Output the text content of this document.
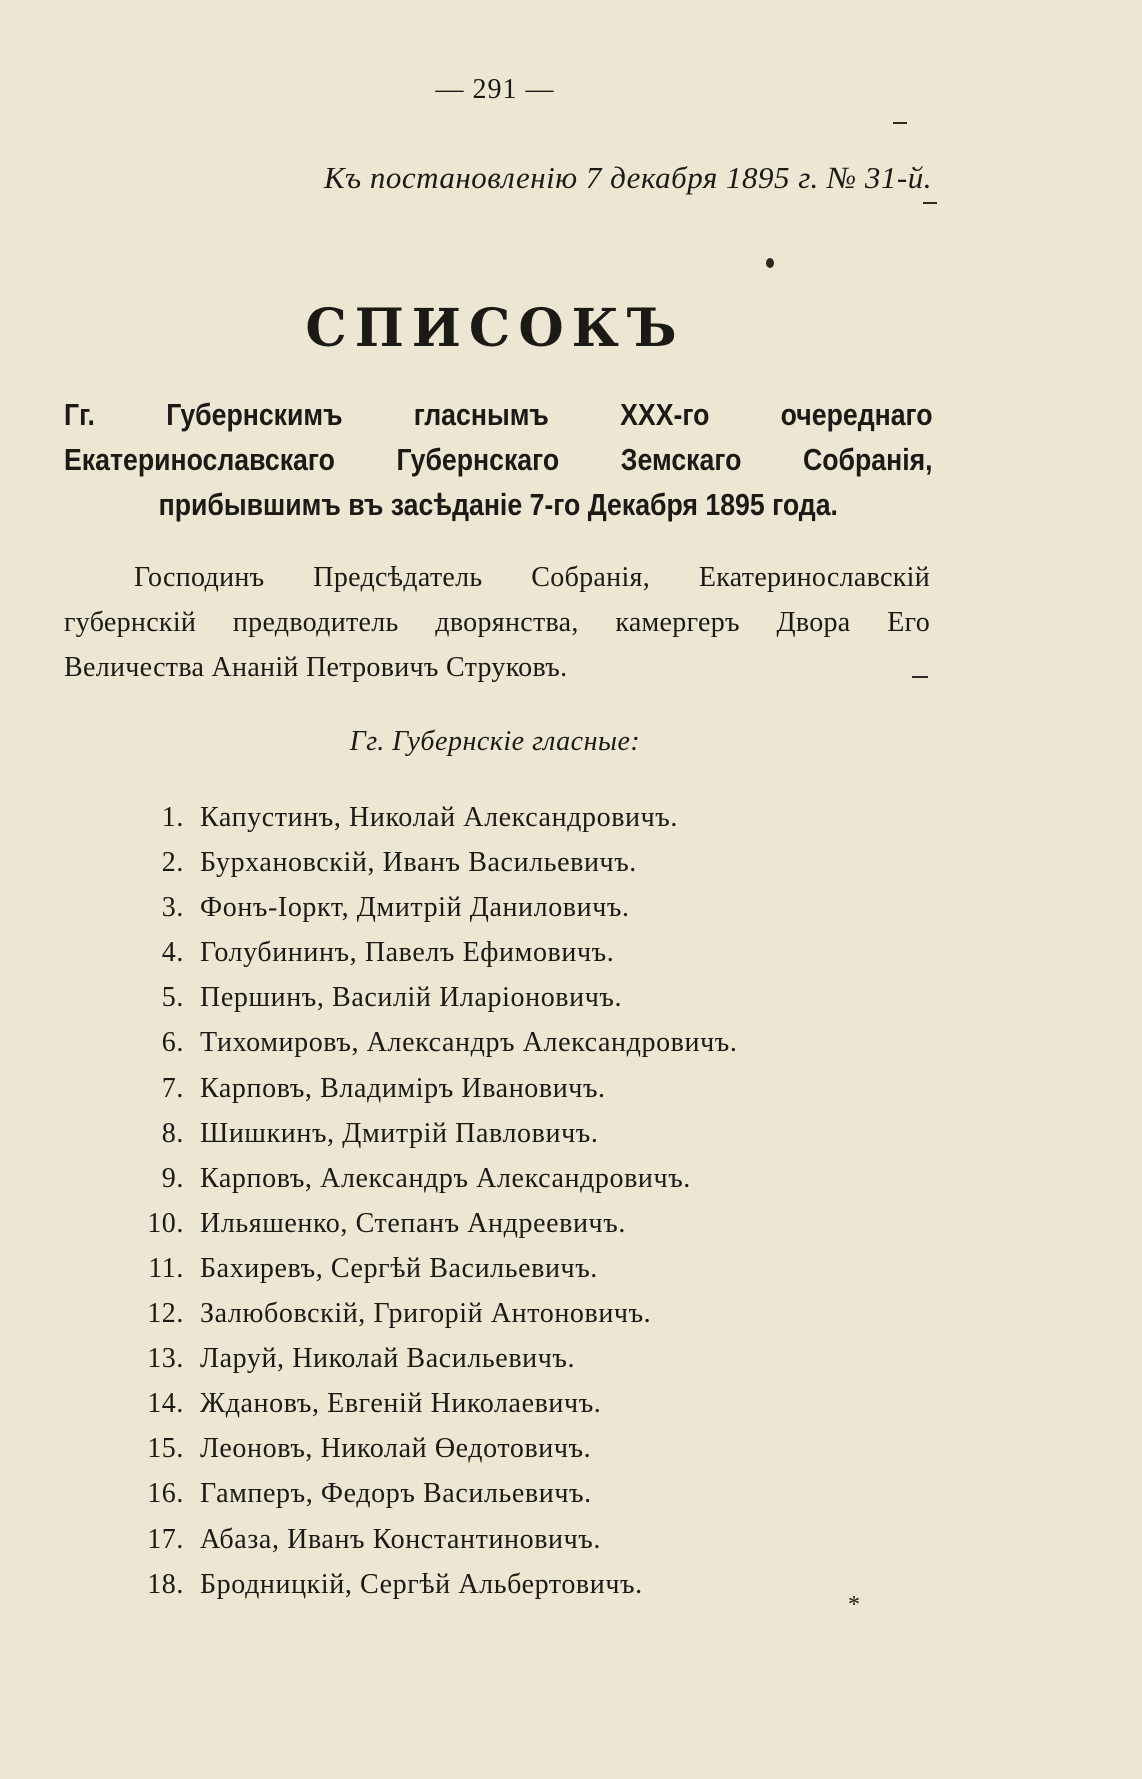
— 291 —
Къ постановленію 7 декабря 1895 г. № 31-й.
СПИСОКЪ
Гг. Губернскимъ гласнымъ XXX-го очереднаго Екатеринославскаго Губернскаго Земскаго Собранія, прибывшимъ въ засѣданіе 7-го Декабря 1895 года.
Господинъ Предсѣдатель Собранія, Екатеринославскій губернскій предводитель дворянства, камергеръ Двора Его Величества Ананій Петровичъ Струковъ.
Гг. Губернскіе гласные:
1. Капустинъ, Николай Александровичъ.
2. Бурхановскій, Иванъ Васильевичъ.
3. Фонъ-Іоркт, Дмитрій Даниловичъ.
4. Голубининъ, Павелъ Ефимовичъ.
5. Першинъ, Василій Иларіоновичъ.
6. Тихомировъ, Александръ Александровичъ.
7. Карповъ, Владиміръ Ивановичъ.
8. Шишкинъ, Дмитрій Павловичъ.
9. Карповъ, Александръ Александровичъ.
10. Ильяшенко, Степанъ Андреевичъ.
11. Бахиревъ, Сергѣй Васильевичъ.
12. Залюбовскій, Григорій Антоновичъ.
13. Ларуй, Николай Васильевичъ.
14. Ждановъ, Евгеній Николаевичъ.
15. Леоновъ, Николай Өедотовичъ.
16. Гамперъ, Федоръ Васильевичъ.
17. Абаза, Иванъ Константиновичъ.
18. Бродницкій, Сергѣй Альбертовичъ.
*
